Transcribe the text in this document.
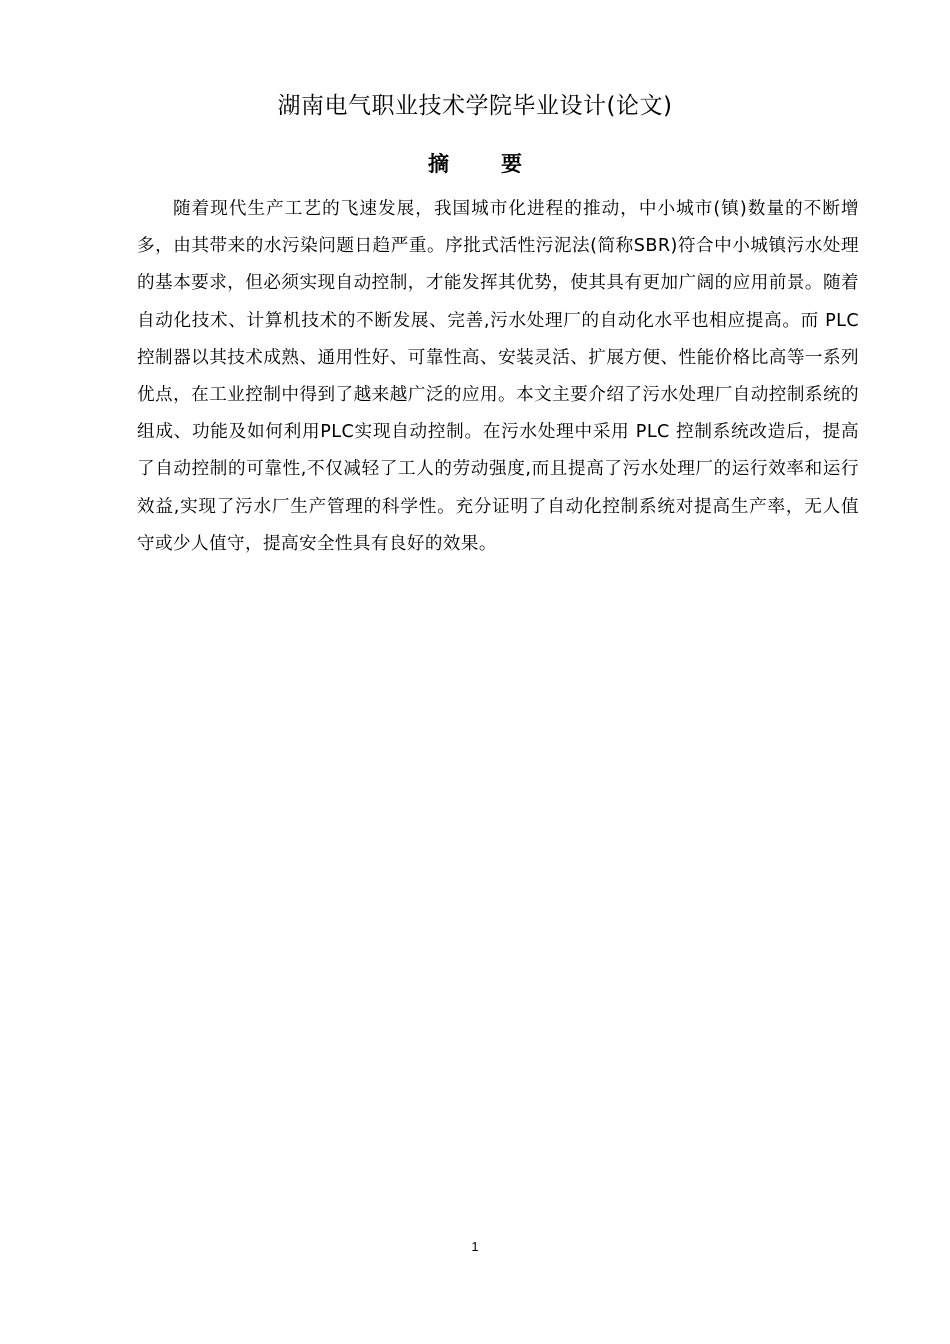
湖南电气职业技术学院毕业设计(论文)
摘 要

随着现代生产工艺的飞速发展，我国城市化进程的推动，中小城市(镇)数量的不断增多，由其带来的水污染问题日趋严重。序批式活性污泥法(简称SBR)符合中小城镇污水处理的基本要求，但必须实现自动控制，才能发挥其优势，使其具有更加广阔的应用前景。随着自动化技术、计算机技术的不断发展、完善,污水处理厂的自动化水平也相应提高。而 PLC 控制器以其技术成熟、通用性好、可靠性高、安装灵活、扩展方便、性能价格比高等一系列优点，在工业控制中得到了越来越广泛的应用。本文主要介绍了污水处理厂自动控制系统的组成、功能及如何利用PLC实现自动控制。在污水处理中采用 PLC 控制系统改造后，提高了自动控制的可靠性,不仅减轻了工人的劳动强度,而且提高了污水处理厂的运行效率和运行效益,实现了污水厂生产管理的科学性。充分证明了自动化控制系统对提高生产率，无人值守或少人值守，提高安全性具有良好的效果。

1
